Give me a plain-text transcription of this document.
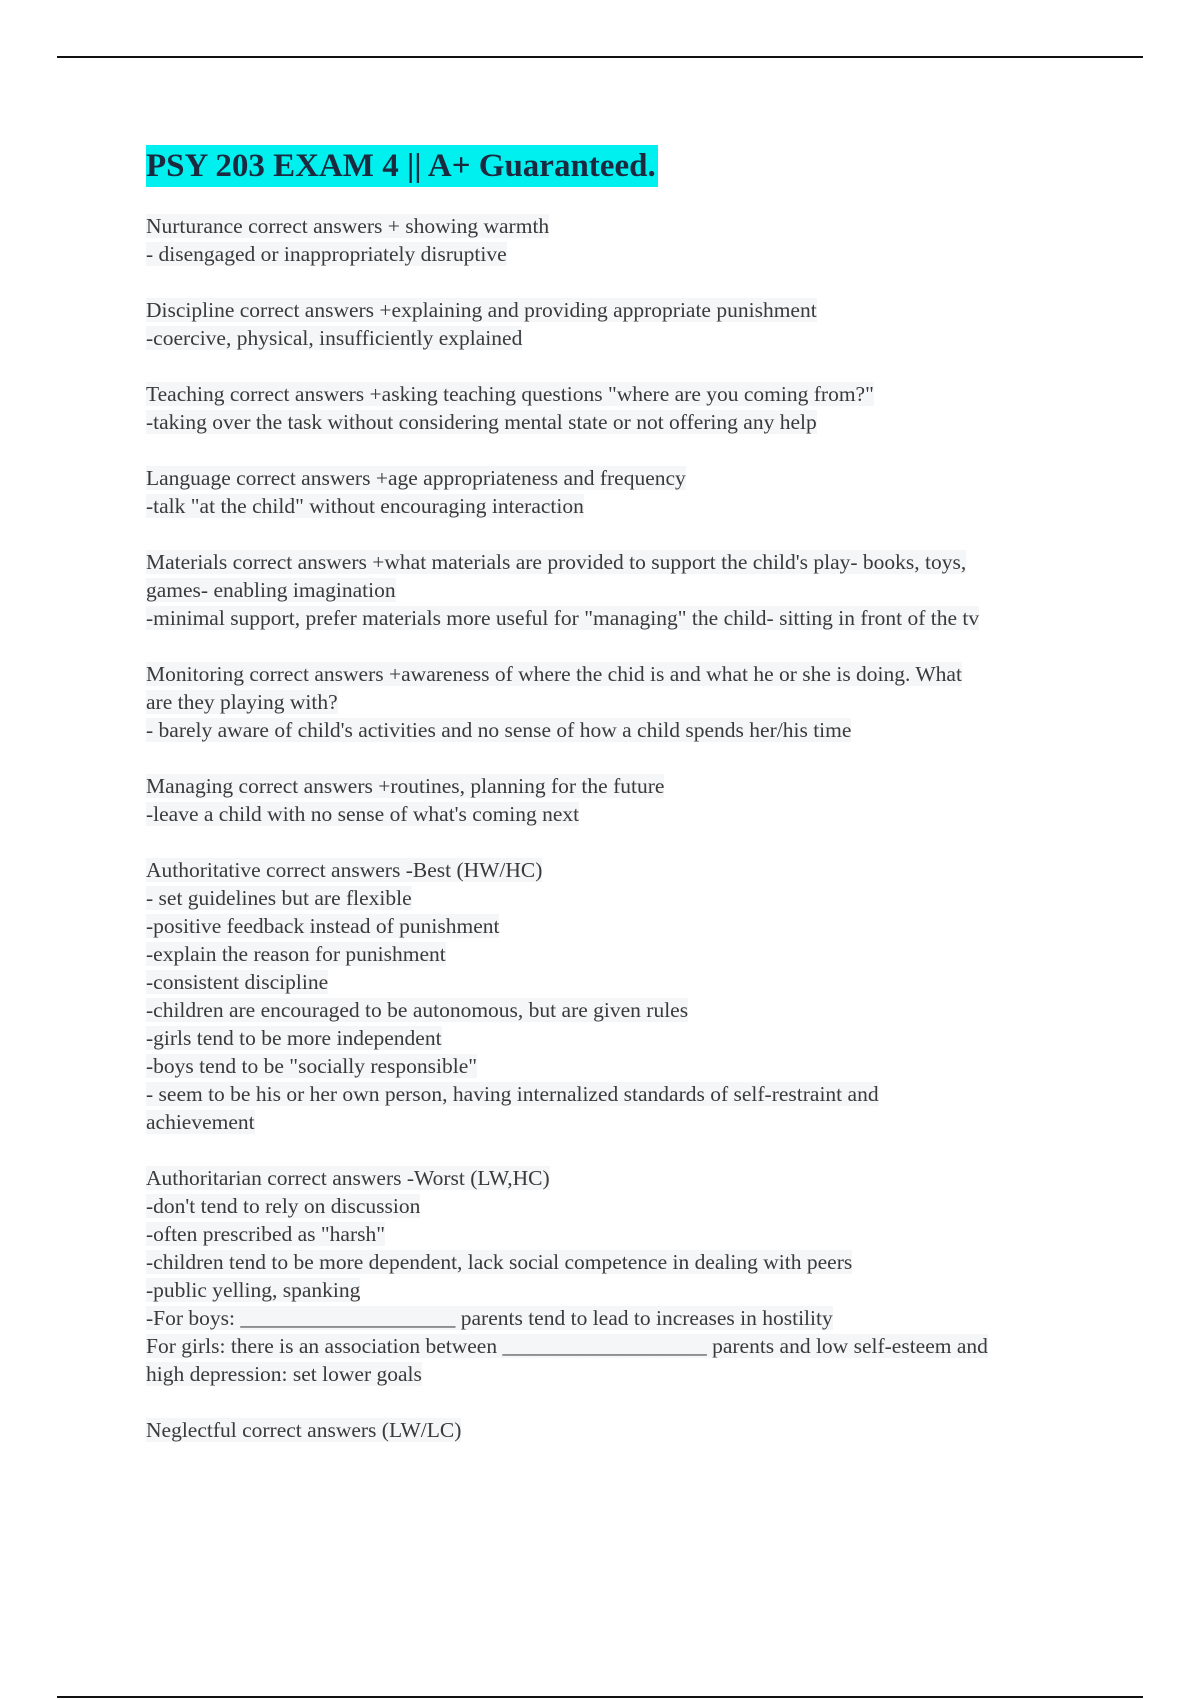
PSY 203 EXAM 4 || A+ Guaranteed.
Nurturance correct answers + showing warmth
- disengaged or inappropriately disruptive
Discipline correct answers +explaining and providing appropriate punishment
-coercive, physical, insufficiently explained
Teaching correct answers +asking teaching questions "where are you coming from?"
-taking over the task without considering mental state or not offering any help
Language correct answers +age appropriateness and frequency
-talk "at the child" without encouraging interaction
Materials correct answers +what materials are provided to support the child's play- books, toys,
games- enabling imagination
-minimal support, prefer materials more useful for "managing" the child- sitting in front of the tv
Monitoring correct answers +awareness of where the chid is and what he or she is doing. What
are they playing with?
- barely aware of child's activities and no sense of how a child spends her/his time
Managing correct answers +routines, planning for the future
-leave a child with no sense of what's coming next
Authoritative correct answers -Best (HW/HC)
- set guidelines but are flexible
-positive feedback instead of punishment
-explain the reason for punishment
-consistent discipline
-children are encouraged to be autonomous, but are given rules
-girls tend to be more independent
-boys tend to be "socially responsible"
- seem to be his or her own person, having internalized standards of self-restraint and
achievement
Authoritarian correct answers -Worst (LW,HC)
-don't tend to rely on discussion
-often prescribed as "harsh"
-children tend to be more dependent, lack social competence in dealing with peers
-public yelling, spanking
-For boys: ____________________ parents tend to lead to increases in hostility
For girls: there is an association between ___________________ parents and low self-esteem and
high depression: set lower goals
Neglectful correct answers (LW/LC)
